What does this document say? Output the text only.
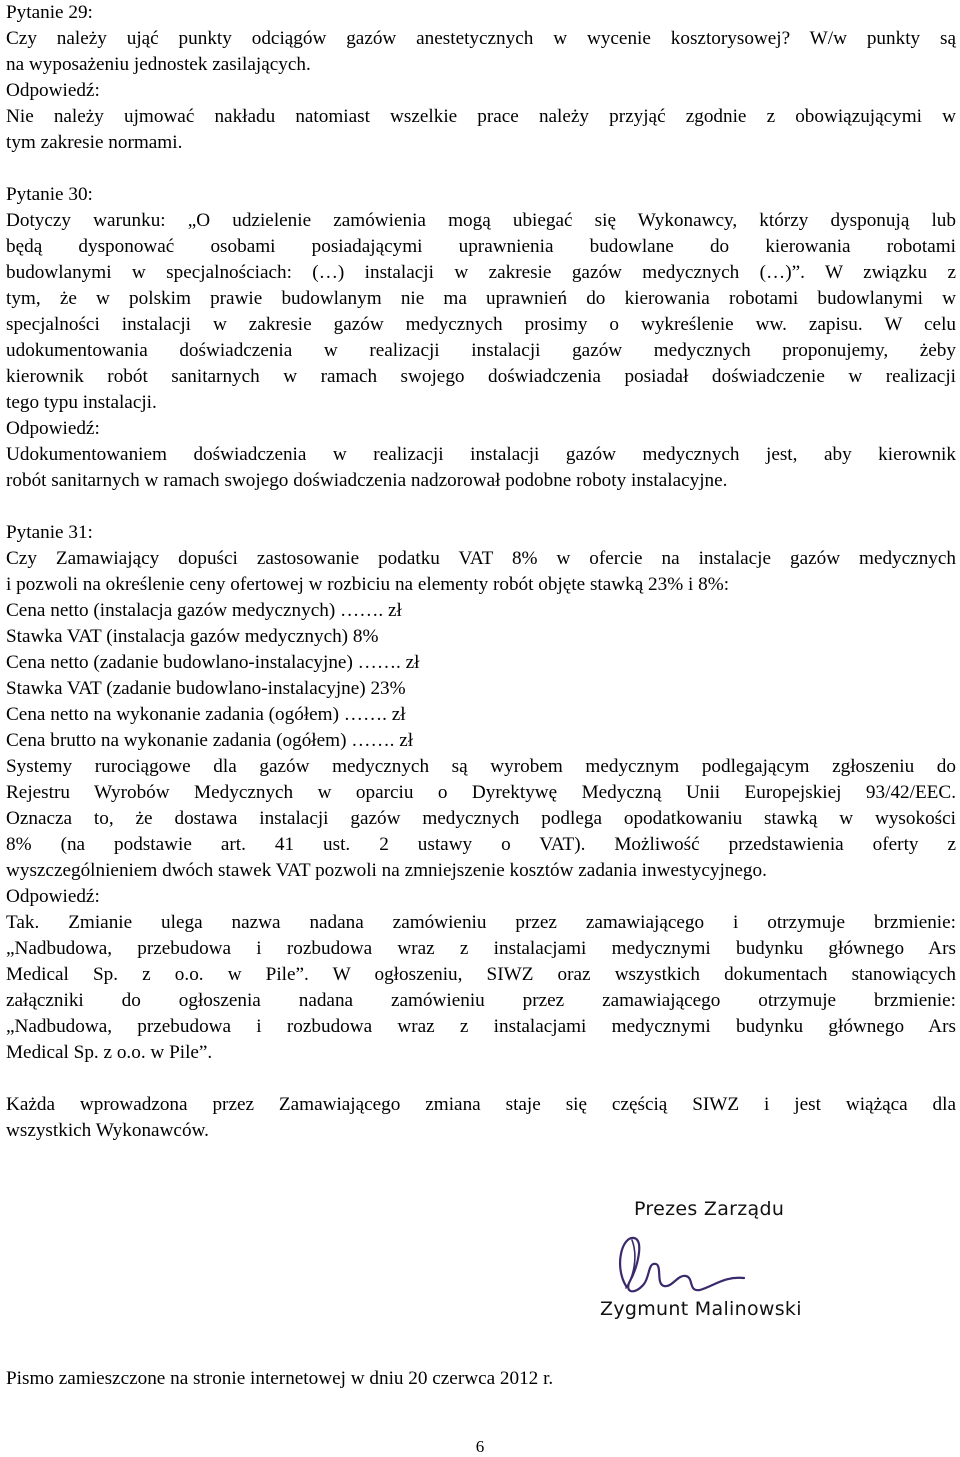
Pytanie 29:
Czy należy ująć punkty odciągów gazów anestetycznych w wycenie kosztorysowej? W/w punkty są
na wyposażeniu jednostek zasilających.
Odpowiedź:
Nie należy ujmować nakładu natomiast wszelkie prace należy przyjąć zgodnie z obowiązującymi w
tym zakresie normami.
Pytanie 30:
Dotyczy warunku: „O udzielenie zamówienia mogą ubiegać się Wykonawcy, którzy dysponują lub
będą dysponować osobami posiadającymi uprawnienia budowlane do kierowania robotami
budowlanymi w specjalnościach: (…) instalacji w zakresie gazów medycznych (…)”. W związku z
tym, że w polskim prawie budowlanym nie ma uprawnień do kierowania robotami budowlanymi w
specjalności instalacji w zakresie gazów medycznych prosimy o wykreślenie ww. zapisu. W celu
udokumentowania doświadczenia w realizacji instalacji gazów medycznych proponujemy, żeby
kierownik robót sanitarnych w ramach swojego doświadczenia posiadał doświadczenie w realizacji
tego typu instalacji.
Odpowiedź:
Udokumentowaniem doświadczenia w realizacji instalacji gazów medycznych jest, aby kierownik
robót sanitarnych w ramach swojego doświadczenia nadzorował podobne roboty instalacyjne.
Pytanie 31:
Czy Zamawiający dopuści zastosowanie podatku VAT 8% w ofercie na instalacje gazów medycznych
i pozwoli na określenie ceny ofertowej w rozbiciu na elementy robót objęte stawką 23% i 8%:
Cena netto (instalacja gazów medycznych) ……. zł
Stawka VAT (instalacja gazów medycznych) 8%
Cena netto (zadanie budowlano-instalacyjne) ……. zł
Stawka VAT (zadanie budowlano-instalacyjne) 23%
Cena netto na wykonanie zadania (ogółem) ……. zł
Cena brutto na wykonanie zadania (ogółem) ……. zł
Systemy rurociągowe dla gazów medycznych są wyrobem medycznym podlegającym zgłoszeniu do
Rejestru Wyrobów Medycznych w oparciu o Dyrektywę Medyczną Unii Europejskiej 93/42/EEC.
Oznacza to, że dostawa instalacji gazów medycznych podlega opodatkowaniu stawką w wysokości
8% (na podstawie art. 41 ust. 2 ustawy o VAT). Możliwość przedstawienia oferty z
wyszczególnieniem dwóch stawek VAT pozwoli na zmniejszenie kosztów zadania inwestycyjnego.
Odpowiedź:
Tak. Zmianie ulega nazwa nadana zamówieniu przez zamawiającego i otrzymuje brzmienie:
„Nadbudowa, przebudowa i rozbudowa wraz z instalacjami medycznymi budynku głównego Ars
Medical Sp. z o.o. w Pile”. W ogłoszeniu, SIWZ oraz wszystkich dokumentach stanowiących
załączniki do ogłoszenia nadana zamówieniu przez zamawiającego otrzymuje brzmienie:
„Nadbudowa, przebudowa i rozbudowa wraz z instalacjami medycznymi budynku głównego Ars
Medical Sp. z o.o. w Pile”.
Każda wprowadzona przez Zamawiającego zmiana staje się częścią SIWZ i jest wiążąca dla
wszystkich Wykonawców.
Prezes Zarządu
Zygmunt Malinowski
Pismo zamieszczone na stronie internetowej w dniu 20 czerwca 2012 r.
6
